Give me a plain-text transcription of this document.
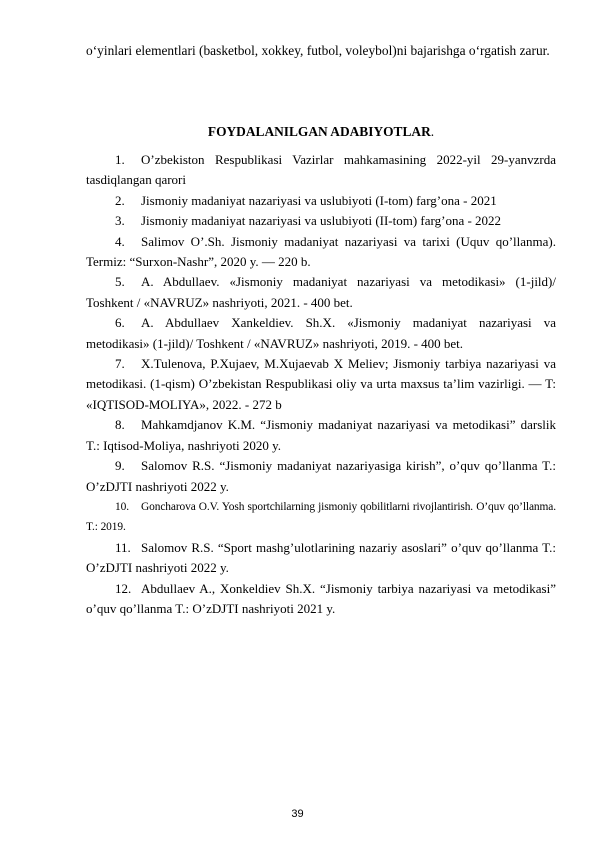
o‘yinlari elementlari (basketbol, xokkey, futbol, voleybol)ni bajarishga o‘rgatish zarur.

FOYDALANILGAN ADABIYOTLAR.
1. O’zbekiston Respublikasi Vazirlar mahkamasining 2022-yil 29-yanvzrda tasdiqlangan qarori
2. Jismoniy madaniyat nazariyasi va uslubiyoti (I-tom) farg’ona - 2021
3. Jismoniy madaniyat nazariyasi va uslubiyoti (II-tom) farg’ona - 2022
4. Salimov O’.Sh. Jismoniy madaniyat nazariyasi va tarixi (Uquv qo’llanma). Termiz: “Surxon-Nashr”, 2020 y. — 220 b.
5. A. Abdullaev. «Jismoniy madaniyat nazariyasi va metodikasi» (1-jild)/ Toshkent / «NAVRUZ» nashriyoti, 2021. - 400 bet.
6. A. Abdullaev Xankeldiev. Sh.X. «Jismoniy madaniyat nazariyasi va metodikasi» (1-jild)/ Toshkent / «NAVRUZ» nashriyoti, 2019. - 400 bet.
7. X.Tulenova, P.Xujaev, M.Xujaevab X Meliev; Jismoniy tarbiya nazariyasi va metodikasi. (1-qism) O’zbekistan Respublikasi oliy va urta maxsus ta’lim vazirligi. — T: «IQTISOD-MOLIYA», 2022. - 272 b
8. Mahkamdjanov K.M. “Jismoniy madaniyat nazariyasi va metodikasi” darslik T.: Iqtisod-Moliya, nashriyoti 2020 y.
9. Salomov R.S. “Jismoniy madaniyat nazariyasiga kirish”, o’quv qo’llanma T.: O’zDJTI nashriyoti 2022 y.
10. Goncharova O.V. Yosh sportchilarning jismoniy qobilitlarni rivojlantirish. O’quv qo’llanma. T.: 2019.
11. Salomov R.S. “Sport mashg’ulotlarining nazariy asoslari” o’quv qo’llanma T.: O’zDJTI nashriyoti 2022 y.
12. Abdullaev A., Xonkeldiev Sh.X. “Jismoniy tarbiya nazariyasi va metodikasi” o’quv qo’llanma T.: O’zDJTI nashriyoti 2021 y.
39
